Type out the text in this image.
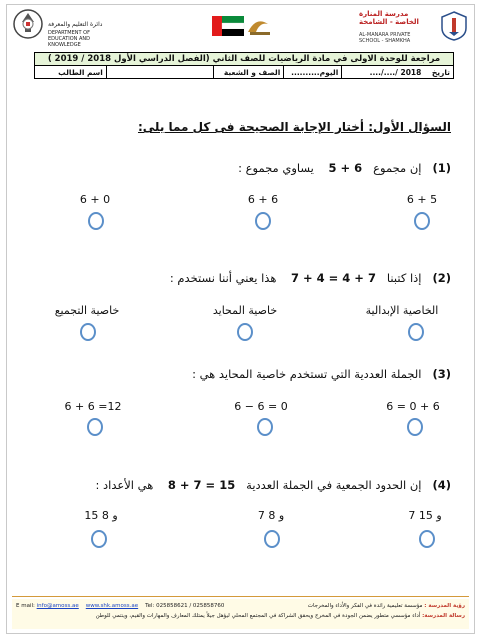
دائرة التعليم والمعرفة
DEPARTMENT OF EDUCATION AND KNOWLEDGE
مدرسة المنارة الخاصة - الشامخة
AL-MANARA PRIVATE SCHOOL - SHAMKHA
مراجعة للوحدة الاولى في مادة الرياضيات للصف الثاني (الفصل الدراسي الأول 2018 / 2019 )
اسم الطالب		الصف و الشعبة	اليوم..........	تاريخ    ..../..../ 2018
السؤال الأول: أختار الإجابة الصحيحة فى كل مما يلى:
(1)   إن مجموع   5 + 6    يساوي مجموع :
6 + 5
6 + 6
6 + 0
(2)   إذا كتبنا   7 + 4 = 4 + 7    هذا يعني أننا نستخدم :
الخاصية الإبدالية
خاصية المحايد
خاصية التجميع
(3)   الجملة العددية التي تستخدم خاصية المحايد هي :
6 = 0 + 6
6 − 6 = 0
6 + 6 =12
(4)   إن الحدود الجمعية في الجملة العددية   8 + 7 = 15    هي الأعداد :
7 و 15
7 و 8
15 و 8
E mail: info@amoss.ae www.shk.amoss.ae Tel: 025858621 / 025858760	رؤية المدرسة : مؤسسة تعليمية رائدة في الفكر والأداء والمخرجات
رسالة المدرسة: أداء مؤسسي متطور يضمن الجودة في المخرج ويحقق الشراكة في المجتمع المحلي ليؤهل جيلاً يمتلك المعارف والمهارات والقيم، وينتمي للوطن
